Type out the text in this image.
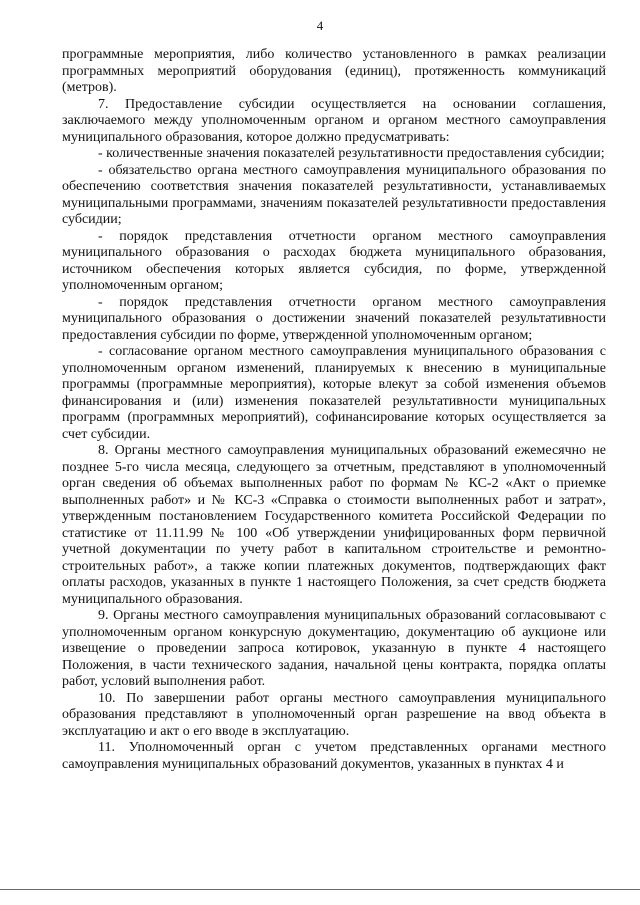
4

программные мероприятия, либо количество установленного в рамках реализации программных мероприятий оборудования (единиц), протяженность коммуникаций (метров).

7. Предоставление субсидии осуществляется на основании соглашения, заключаемого между уполномоченным органом и органом местного самоуправления муниципального образования, которое должно предусматривать:

- количественные значения показателей результативности предоставления субсидии;

- обязательство органа местного самоуправления муниципального образования по обеспечению соответствия значения показателей результативности, устанавливаемых муниципальными программами, значениям показателей результативности предоставления субсидии;

- порядок представления отчетности органом местного самоуправления муниципального образования о расходах бюджета муниципального образования, источником обеспечения которых является субсидия, по форме, утвержденной уполномоченным органом;

- порядок представления отчетности органом местного самоуправления муниципального образования о достижении значений показателей результативности предоставления субсидии по форме, утвержденной уполномоченным органом;

- согласование органом местного самоуправления муниципального образования с уполномоченным органом изменений, планируемых к внесению в муниципальные программы (программные мероприятия), которые влекут за собой изменения объемов финансирования и (или) изменения показателей результативности муниципальных программ (программных мероприятий), софинансирование которых осуществляется за счет субсидии.

8. Органы местного самоуправления муниципальных образований ежемесячно не позднее 5-го числа месяца, следующего за отчетным, представляют в уполномоченный орган сведения об объемах выполненных работ по формам № КС-2 «Акт о приемке выполненных работ» и № КС-3 «Справка о стоимости выполненных работ и затрат», утвержденным постановлением Государственного комитета Российской Федерации по статистике от 11.11.99 № 100 «Об утверждении унифицированных форм первичной учетной документации по учету работ в капитальном строительстве и ремонтно-строительных работ», а также копии платежных документов, подтверждающих факт оплаты расходов, указанных в пункте 1 настоящего Положения, за счет средств бюджета муниципального образования.

9. Органы местного самоуправления муниципальных образований согласовывают с уполномоченным органом конкурсную документацию, документацию об аукционе или извещение о проведении запроса котировок, указанную в пункте 4 настоящего Положения, в части технического задания, начальной цены контракта, порядка оплаты работ, условий выполнения работ.

10. По завершении работ органы местного самоуправления муниципального образования представляют в уполномоченный орган разрешение на ввод объекта в эксплуатацию и акт о его вводе в эксплуатацию.

11. Уполномоченный орган с учетом представленных органами местного самоуправления муниципальных образований документов, указанных в пунктах 4 и
